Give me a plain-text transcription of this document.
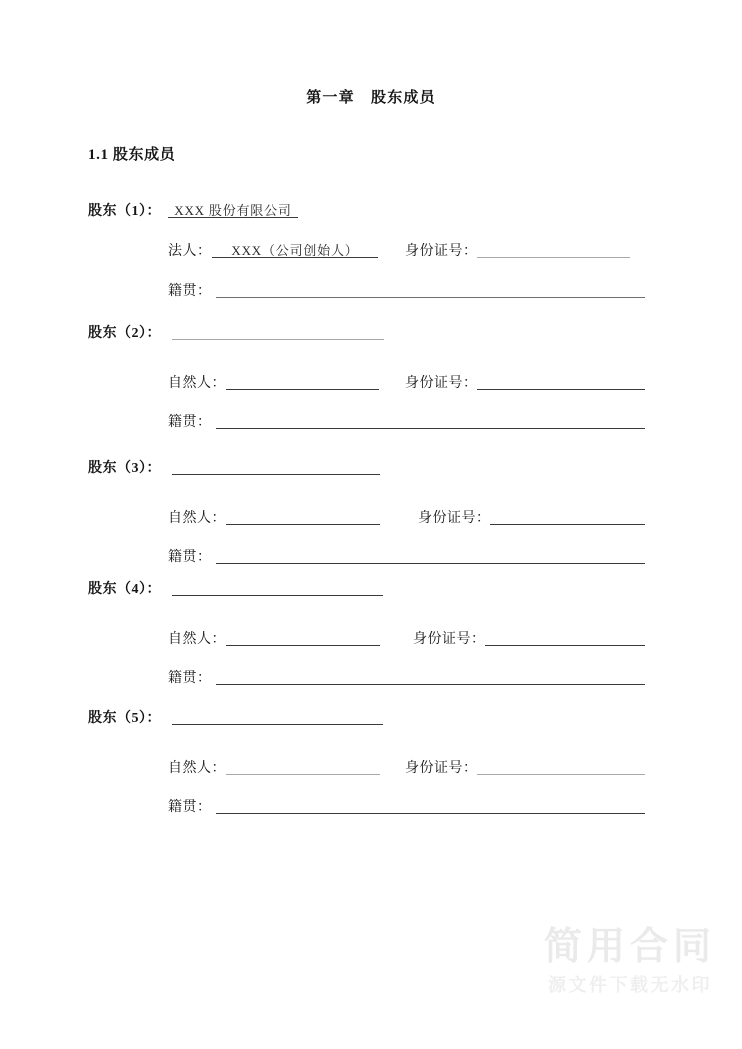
第一章　股东成员
1.1 股东成员
股东（1）：	XXX 股份有限公司
法人：	XXX（公司创始人）	身份证号：
籍贯：
股东（2）：
自然人：	身份证号：
籍贯：
股东（3）：
自然人：	身份证号：
籍贯：
股东（4）：
自然人：	身份证号：
籍贯：
股东（5）：
自然人：	身份证号：
籍贯：
简用合同
源文件下载无水印
